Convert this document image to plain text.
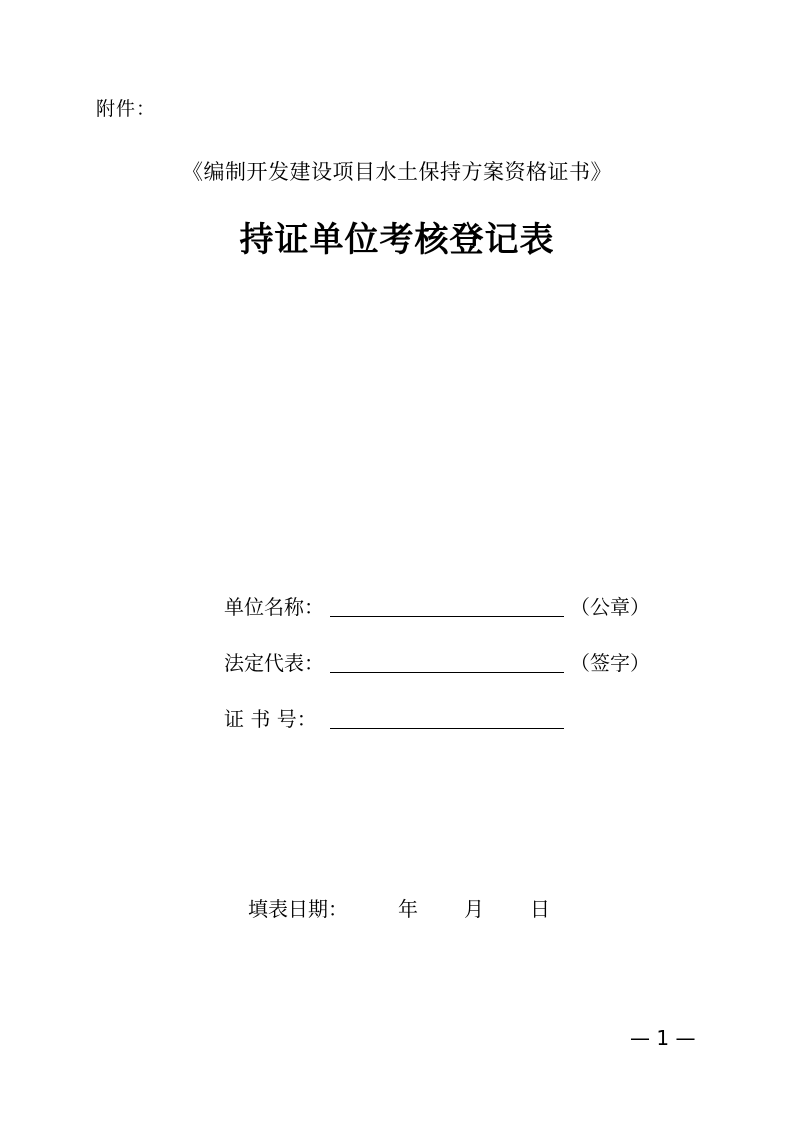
附件：
《编制开发建设项目水土保持方案资格证书》
持证单位考核登记表
单位名称：	（公章）
法定代表：	（签字）
证 书 号：
填表日期：	年	月	日
— 1 —
